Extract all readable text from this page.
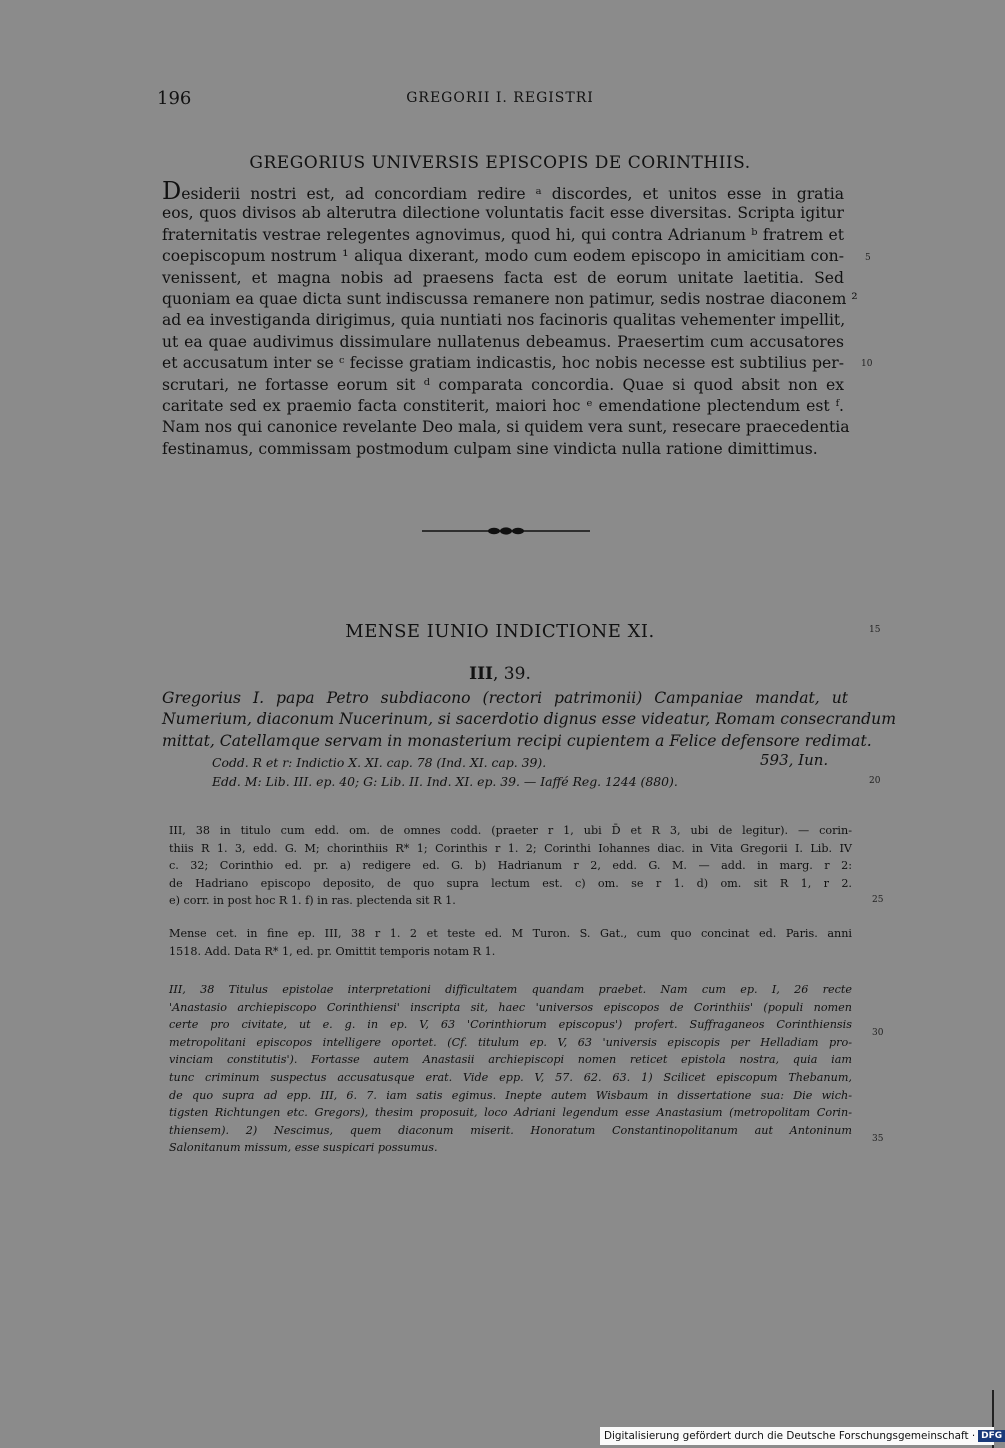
196	GREGORII I. REGISTRI
GREGORIUS UNIVERSIS EPISCOPIS DE CORINTHIIS.
Desiderii nostri est, ad concordiam redire ᵃ discordes, et unitos esse in gratia
eos, quos divisos ab alterutra dilectione voluntatis facit esse diversitas. Scripta igitur
fraternitatis vestrae relegentes agnovimus, quod hi, qui contra Adrianum ᵇ fratrem et
coepiscopum nostrum ¹ aliqua dixerant, modo cum eodem episcopo in amicitiam con-
venissent, et magna nobis ad praesens facta est de eorum unitate laetitia. Sed
quoniam ea quae dicta sunt indiscussa remanere non patimur, sedis nostrae diaconem ²
ad ea investiganda dirigimus, quia nuntiati nos facinoris qualitas vehementer impellit,
ut ea quae audivimus dissimulare nullatenus debeamus. Praesertim cum accusatores
et accusatum inter se ᶜ fecisse gratiam indicastis, hoc nobis necesse est subtilius per-
scrutari, ne fortasse eorum sit ᵈ comparata concordia. Quae si quod absit non ex
caritate sed ex praemio facta constiterit, maiori hoc ᵉ emendatione plectendum est ᶠ.
Nam nos qui canonice revelante Deo mala, si quidem vera sunt, resecare praecedentia
festinamus, commissam postmodum culpam sine vindicta nulla ratione dimittimus.
5
10
15
20
25
30
35
MENSE IUNIO INDICTIONE XI.
III, 39.
Gregorius I. papa Petro subdiacono (rectori patrimonii) Campaniae mandat, ut
Numerium, diaconum Nucerinum, si sacerdotio dignus esse videatur, Romam consecrandum
mittat, Catellamque servam in monasterium recipi cupientem a Felice defensore redimat.
Codd. R et r: Indictio X. XI. cap. 78 (Ind. XI. cap. 39).	593, Iun.
Edd. M: Lib. III. ep. 40; G: Lib. II. Ind. XI. ep. 39. — Iaffé Reg. 1244 (880).
III, 38 in titulo cum edd. om. de omnes codd. (praeter r 1, ubi D̄ et R 3, ubi de legitur). — corin-
thiis R 1. 3, edd. G. M; chorinthiis R* 1; Corinthis r 1. 2; Corinthi Iohannes diac. in Vita Gregorii I. Lib. IV
c. 32; Corinthio ed. pr. a) redigere ed. G. b) Hadrianum r 2, edd. G. M. — add. in marg. r 2:
de Hadriano episcopo deposito, de quo supra lectum est. c) om. se r 1. d) om. sit R 1, r 2.
e) corr. in post hoc R 1. f) in ras. plectenda sit R 1.
Mense cet. in fine ep. III, 38 r 1. 2 et teste ed. M Turon. S. Gat., cum quo concinat ed. Paris. anni
1518. Add. Data R* 1, ed. pr. Omittit temporis notam R 1.
III, 38 Titulus epistolae interpretationi difficultatem quandam praebet. Nam cum ep. I, 26 recte
'Anastasio archiepiscopo Corinthiensi' inscripta sit, haec 'universos episcopos de Corinthiis' (populi nomen
certe pro civitate, ut e. g. in ep. V, 63 'Corinthiorum episcopus') profert. Suffraganeos Corinthiensis
metropolitani episcopos intelligere oportet. (Cf. titulum ep. V, 63 'universis episcopis per Helladiam pro-
vinciam constitutis'). Fortasse autem Anastasii archiepiscopi nomen reticet epistola nostra, quia iam
tunc criminum suspectus accusatusque erat. Vide epp. V, 57. 62. 63. 1) Scilicet episcopum Thebanum,
de quo supra ad epp. III, 6. 7. iam satis egimus. Inepte autem Wisbaum in dissertatione sua: Die wich-
tigsten Richtungen etc. Gregors), thesim proposuit, loco Adriani legendum esse Anastasium (metropolitam Corin-
thiensem). 2) Nescimus, quem diaconum miserit. Honoratum Constantinopolitanum aut Antoninum
Salonitanum missum, esse suspicari possumus.
Digitalisierung gefördert durch die Deutsche Forschungsgemeinschaft · DFG
